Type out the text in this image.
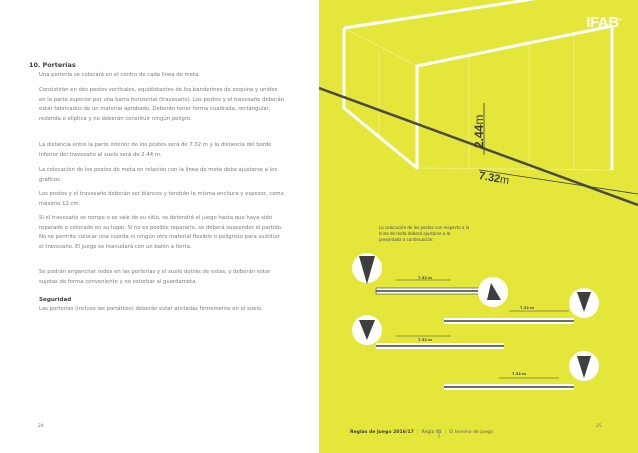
10. Porterías

Una portería se colocará en el centro de cada línea de meta.

Consistirán en dos postes verticales, equidistantes de los banderines de esquina y unidos en la parte superior por una barra horizontal (travesaño). Los postes y el travesaño deberán estar fabricados de un material aprobado. Deberán tener forma cuadrada, rectangular, redonda o elíptica y no deberán constituir ningún peligro.

La distancia entre la parte interior de los postes será de 7.32 m y la distancia del borde inferior del travesaño al suelo será de 2.44 m.

La colocación de los postes de meta en relación con la línea de meta debe ajustarse a los gráficos.

Los postes y el travesaño deberán ser blancos y tendrán la misma anchura y espesor, como máximo 12 cm.

Si el travesaño se rompe o se sale de su sitio, se detendrá el juego hasta que haya sido reparado o colocado en su lugar. Si no es posible repararlo, se deberá suspender el partido. No se permite colocar una cuerda ni ningún otro material flexible o peligroso para sustituir el travesaño. El juego se reanudará con un balón a tierra.

Se podrán enganchar redes en las porterías y el suelo detrás de estas, y deberán estar sujetas de forma conveniente y no estorbar al guardameta.

Seguridad

Las porterías (incluso las portátiles) deberán estar ancladas firmemente en el suelo.

24
IFAB®
2.44m
7.32m
La colocación de los postes con respecto a la línea de meta deberá ajustarse a la presentada a continuación:
7.32 m
7.32 m
7.32 m
7.32 m
Reglas de Juego 2016/17 | Regla 01 | El terreno de juego
25
